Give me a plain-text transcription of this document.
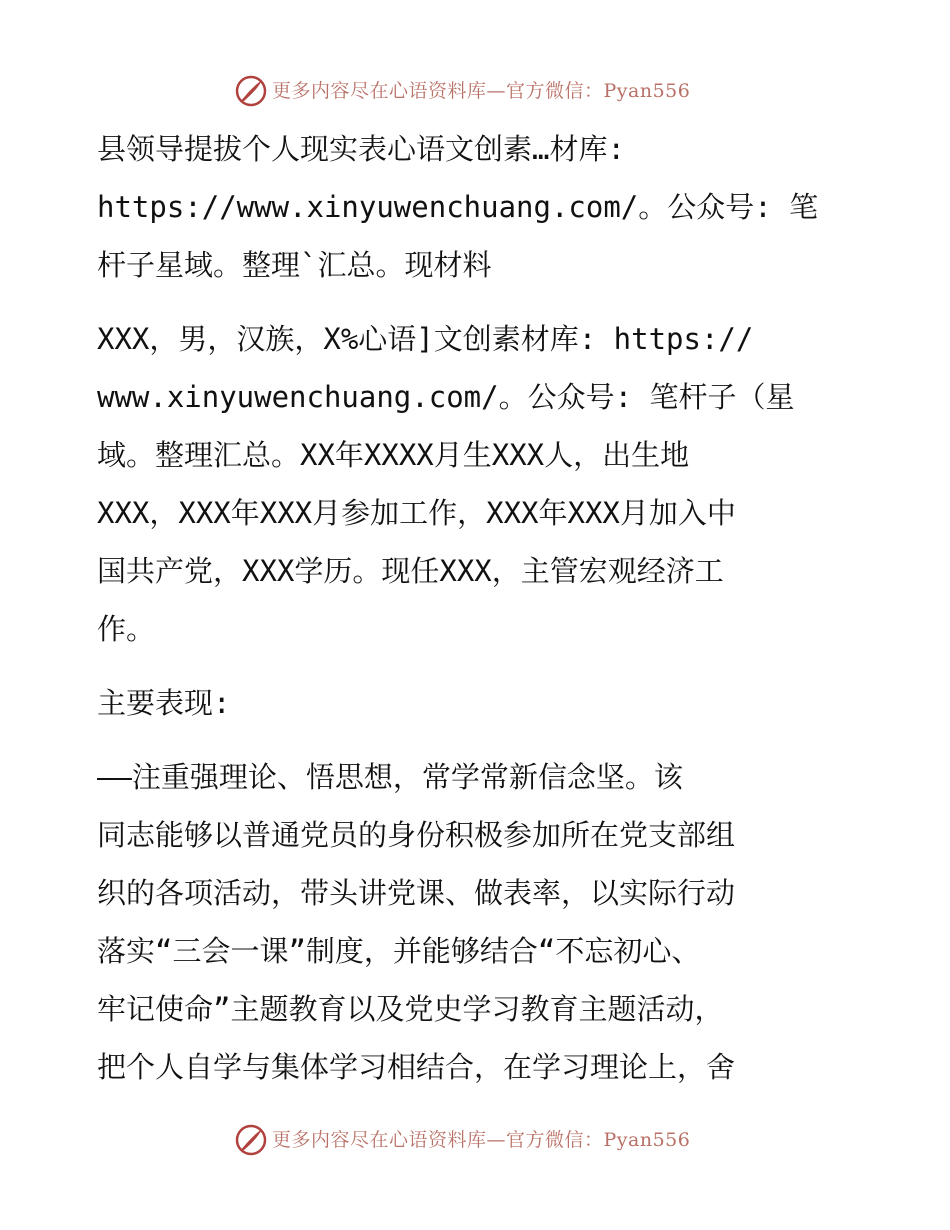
更多内容尽在心语资料库—官方微信：Pyan556

县领导提拔个人现实表心语文创素…材库:
https://www.xinyuwenchuang.com/。公众号: 笔
杆子星域。整理`汇总。现材料

XXX，男，汉族，X%心语]文创素材库: https://
www.xinyuwenchuang.com/。公众号: 笔杆子（星
域。整理汇总。XX年XXXX月生XXX人，出生地
XXX，XXX年XXX月参加工作，XXX年XXX月加入中
国共产党，XXX学历。现任XXX，主管宏观经济工
作。

主要表现:

——注重强理论、悟思想，常学常新信念坚。该
同志能够以普通党员的身份积极参加所在党支部组
织的各项活动，带头讲党课、做表率，以实际行动
落实“三会一课”制度，并能够结合“不忘初心、
牢记使命”主题教育以及党史学习教育主题活动，
把个人自学与集体学习相结合，在学习理论上，舍

更多内容尽在心语资料库—官方微信：Pyan556
